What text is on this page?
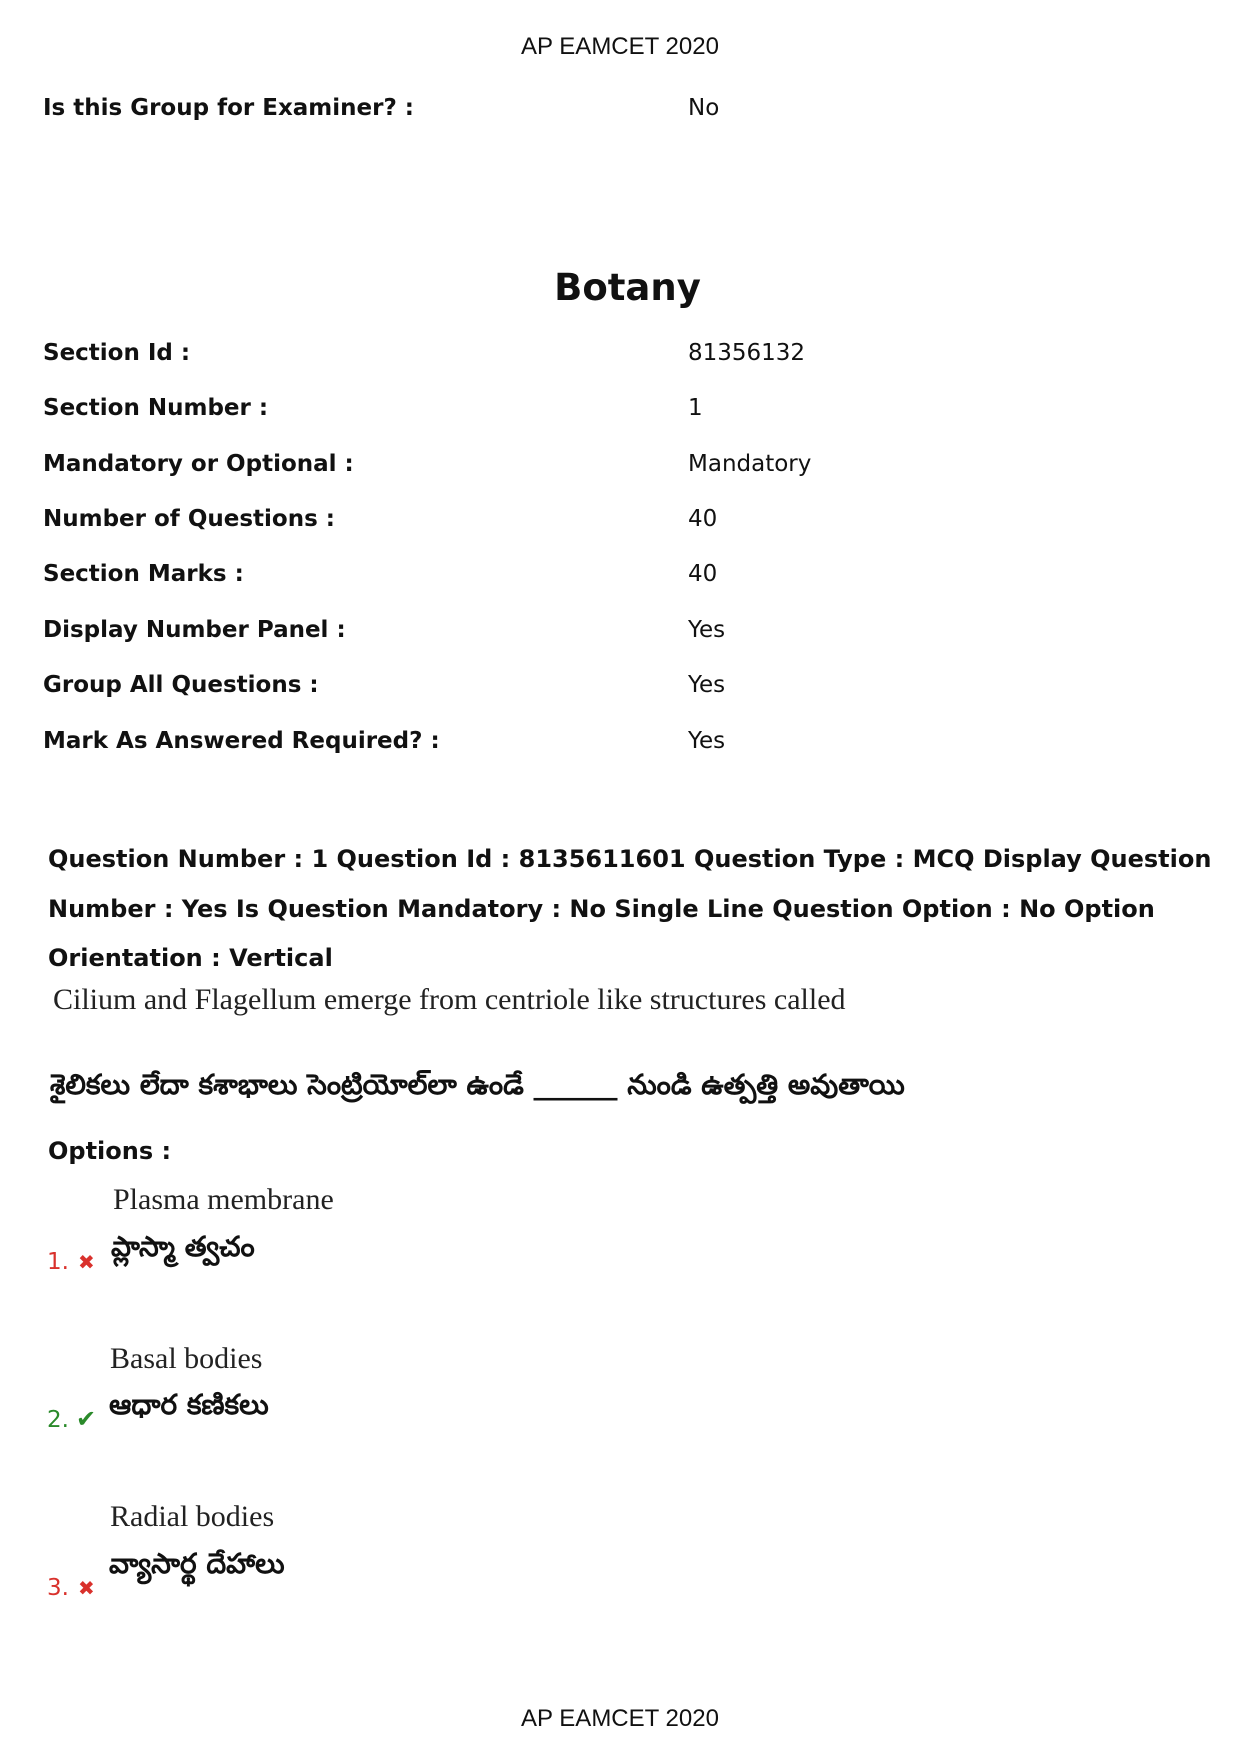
AP EAMCET 2020
Is this Group for Examiner? :	No
Botany
Section Id :	81356132
Section Number :	1
Mandatory or Optional :	Mandatory
Number of Questions :	40
Section Marks :	40
Display Number Panel :	Yes
Group All Questions :	Yes
Mark As Answered Required? :	Yes
Question Number : 1 Question Id : 8135611601 Question Type : MCQ Display Question
Number : Yes Is Question Mandatory : No Single Line Question Option : No Option
Orientation : Vertical
Cilium and Flagellum emerge from centriole like structures called
శైలికలు లేదా కశాభాలు సెంట్రియోల్‌లా ఉండే ______ నుండి ఉత్పత్తి అవుతాయి
Options :
Plasma membrane
ప్లాస్మా త్వచం
1. ✖
Basal bodies
ఆధార కణికలు
2. ✔
Radial bodies
వ్యాసార్థ దేహాలు
3. ✖
AP EAMCET 2020
